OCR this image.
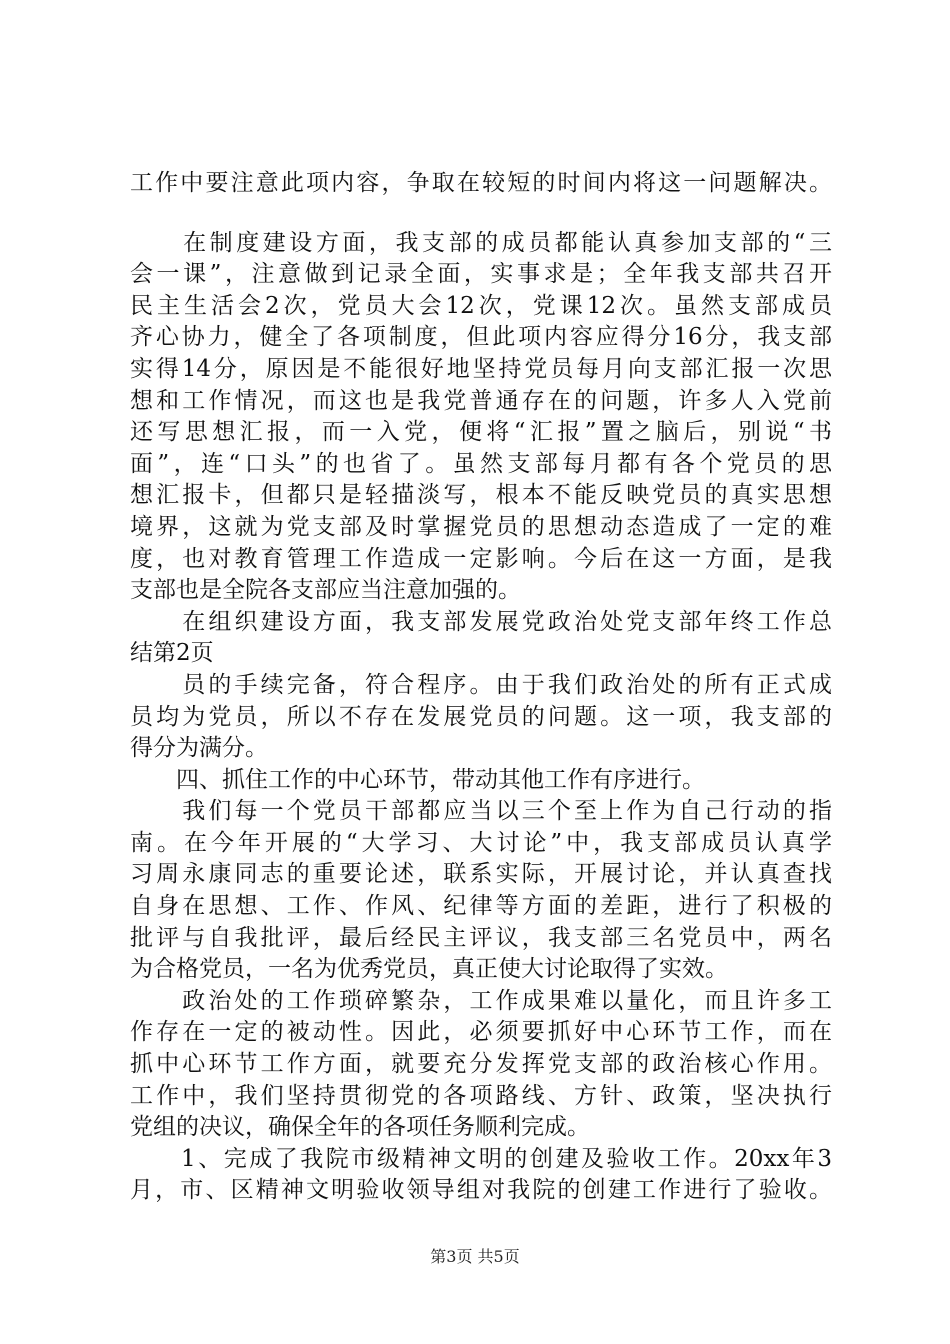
工作中要注意此项内容，争取在较短的时间内将这一问题解决。
　　在制度建设方面，我支部的成员都能认真参加支部的“三
会一课”，注意做到记录全面，实事求是；全年我支部共召开
民主生活会2次，党员大会12次，党课12次。虽然支部成员
齐心协力，健全了各项制度，但此项内容应得分16分，我支部
实得14分，原因是不能很好地坚持党员每月向支部汇报一次思
想和工作情况，而这也是我党普通存在的问题，许多人入党前
还写思想汇报，而一入党，便将“汇报”置之脑后，别说“书
面”，连“口头”的也省了。虽然支部每月都有各个党员的思
想汇报卡，但都只是轻描淡写，根本不能反映党员的真实思想
境界，这就为党支部及时掌握党员的思想动态造成了一定的难
度，也对教育管理工作造成一定影响。今后在这一方面，是我
支部也是全院各支部应当注意加强的。
　　在组织建设方面，我支部发展党政治处党支部年终工作总
结第2页
　　员的手续完备，符合程序。由于我们政治处的所有正式成
员均为党员，所以不存在发展党员的问题。这一项，我支部的
得分为满分。
　　四、抓住工作的中心环节，带动其他工作有序进行。
　　我们每一个党员干部都应当以三个至上作为自己行动的指
南。在今年开展的“大学习、大讨论”中，我支部成员认真学
习周永康同志的重要论述，联系实际，开展讨论，并认真查找
自身在思想、工作、作风、纪律等方面的差距，进行了积极的
批评与自我批评，最后经民主评议，我支部三名党员中，两名
为合格党员，一名为优秀党员，真正使大讨论取得了实效。
　　政治处的工作琐碎繁杂，工作成果难以量化，而且许多工
作存在一定的被动性。因此，必须要抓好中心环节工作，而在
抓中心环节工作方面，就要充分发挥党支部的政治核心作用。
工作中，我们坚持贯彻党的各项路线、方针、政策，坚决执行
党组的决议，确保全年的各项任务顺利完成。
　　1、完成了我院市级精神文明的创建及验收工作。20xx年3
月，市、区精神文明验收领导组对我院的创建工作进行了验收。
第3页 共5页
